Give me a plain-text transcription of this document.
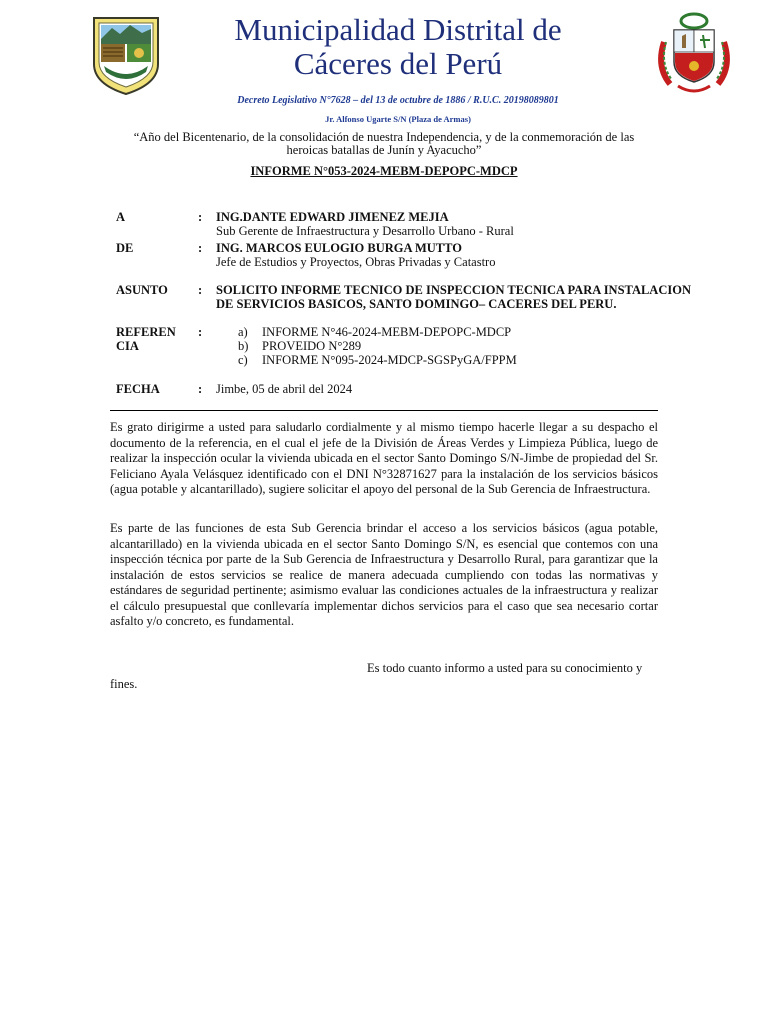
Municipalidad Distrital de
Cáceres del Perú
Decreto Legislativo N°7628 – del 13 de octubre de 1886 / R.U.C. 20198089801
Jr. Alfonso Ugarte S/N (Plaza de Armas)
“Año del Bicentenario, de la consolidación de nuestra Independencia, y de la conmemoración de las
heroicas batallas de Junín y Ayacucho”
INFORME N°053-2024-MEBM-DEPOPC-MDCP
A	: ING.DANTE EDWARD JIMENEZ MEJIA
Sub Gerente de Infraestructura y Desarrollo Urbano - Rural
DE	: ING. MARCOS EULOGIO BURGA MUTTO
Jefe de Estudios y Proyectos, Obras Privadas y Catastro
ASUNTO : SOLICITO INFORME TECNICO DE INSPECCION TECNICA PARA INSTALACION
DE SERVICIOS BASICOS, SANTO DOMINGO– CACERES DEL PERU.
REFEREN
CIA
:	a) INFORME N°46-2024-MEBM-DEPOPC-MDCP
b) PROVEIDO N°289
c) INFORME N°095-2024-MDCP-SGSPyGA/FPPM
FECHA	: Jimbe, 05 de abril del 2024

Es grato dirigirme a usted para saludarlo cordialmente y al mismo tiempo hacerle llegar a su despacho el documento de la referencia, en el cual el jefe de la División de Áreas Verdes y Limpieza Pública, luego de realizar la inspección ocular la vivienda ubicada en el sector Santo Domingo S/N-Jimbe de propiedad del Sr. Feliciano Ayala Velásquez identificado con el DNI N°32871627 para la instalación de los servicios básicos (agua potable y alcantarillado), sugiere solicitar el apoyo del personal de la Sub Gerencia de Infraestructura.

Es parte de las funciones de esta Sub Gerencia brindar el acceso a los servicios básicos (agua potable, alcantarillado) en la vivienda ubicada en el sector Santo Domingo S/N, es esencial que contemos con una inspección técnica por parte de la Sub Gerencia de Infraestructura y Desarrollo Rural, para garantizar que la instalación de estos servicios se realice de manera adecuada cumpliendo con todas las normativas y estándares de seguridad pertinente; asimismo evaluar las condiciones actuales de la infraestructura y realizar el cálculo presupuestal que conllevaría implementar dichos servicios para el caso que sea necesario cortar asfalto y/o concreto, es fundamental.

Es todo cuanto informo a usted para su conocimiento y
fines.
